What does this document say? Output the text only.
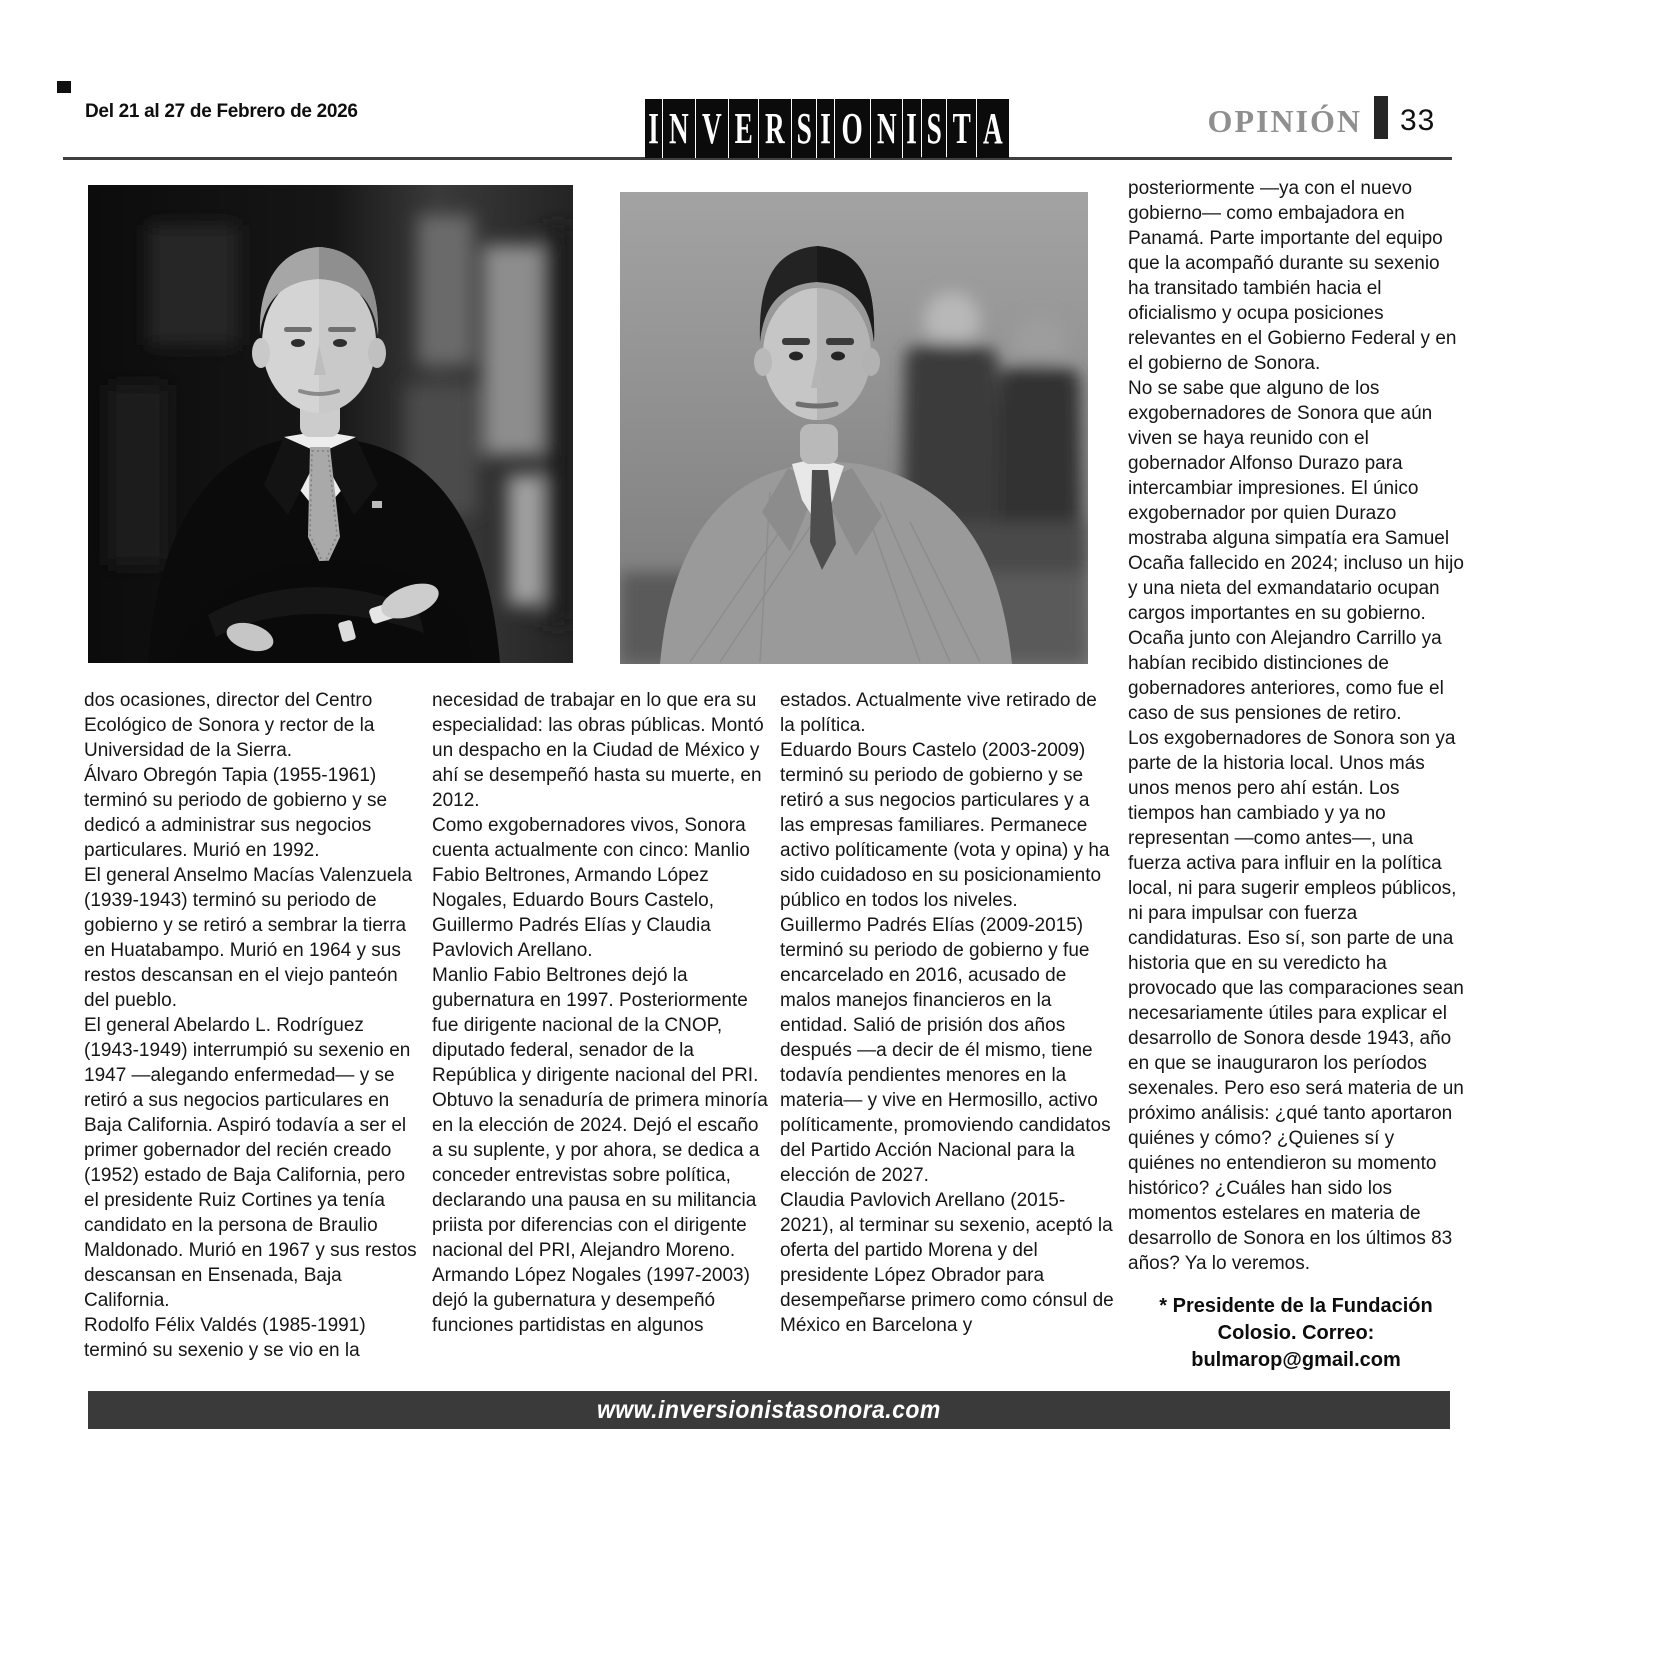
Del 21 al 27 de Febrero de 2026	I N V E R S I O N I S T A	OPINIÓN 33

dos ocasiones, director del Centro Ecológico de Sonora y rector de la Universidad de la Sierra.

Álvaro Obregón Tapia (1955-1961) terminó su periodo de gobierno y se dedicó a administrar sus negocios particulares. Murió en 1992.

El general Anselmo Macías Valenzuela (1939-1943) terminó su periodo de gobierno y se retiró a sembrar la tierra en Huatabampo. Murió en 1964 y sus restos descansan en el viejo panteón del pueblo.

El general Abelardo L. Rodríguez (1943-1949) interrumpió su sexenio en 1947 —alegando enfermedad— y se retiró a sus negocios particulares en Baja California. Aspiró todavía a ser el primer gobernador del recién creado (1952) estado de Baja California, pero el presidente Ruiz Cortines ya tenía candidato en la persona de Braulio Maldonado. Murió en 1967 y sus restos descansan en Ensenada, Baja California.

Rodolfo Félix Valdés (1985-1991) terminó su sexenio y se vio en la

necesidad de trabajar en lo que era su especialidad: las obras públicas. Montó un despacho en la Ciudad de México y ahí se desempeñó hasta su muerte, en 2012.

Como exgobernadores vivos, Sonora cuenta actualmente con cinco: Manlio Fabio Beltrones, Armando López Nogales, Eduardo Bours Castelo, Guillermo Padrés Elías y Claudia Pavlovich Arellano.

Manlio Fabio Beltrones dejó la gubernatura en 1997. Posteriormente fue dirigente nacional de la CNOP, diputado federal, senador de la República y dirigente nacional del PRI. Obtuvo la senaduría de primera minoría en la elección de 2024. Dejó el escaño a su suplente, y por ahora, se dedica a conceder entrevistas sobre política, declarando una pausa en su militancia priista por diferencias con el dirigente nacional del PRI, Alejandro Moreno.

Armando López Nogales (1997-2003) dejó la gubernatura y desempeñó funciones partidistas en algunos

estados. Actualmente vive retirado de la política.

Eduardo Bours Castelo (2003-2009) terminó su periodo de gobierno y se retiró a sus negocios particulares y a las empresas familiares. Permanece activo políticamente (vota y opina) y ha sido cuidadoso en su posicionamiento público en todos los niveles.

Guillermo Padrés Elías (2009-2015) terminó su periodo de gobierno y fue encarcelado en 2016, acusado de malos manejos financieros en la entidad. Salió de prisión dos años después —a decir de él mismo, tiene todavía pendientes menores en la materia— y vive en Hermosillo, activo políticamente, promoviendo candidatos del Partido Acción Nacional para la elección de 2027.

Claudia Pavlovich Arellano (2015-2021), al terminar su sexenio, aceptó la oferta del partido Morena y del presidente López Obrador para desempeñarse primero como cónsul de México en Barcelona y

posteriormente —ya con el nuevo gobierno— como embajadora en Panamá. Parte importante del equipo que la acompañó durante su sexenio ha transitado también hacia el oficialismo y ocupa posiciones relevantes en el Gobierno Federal y en el gobierno de Sonora.

No se sabe que alguno de los exgobernadores de Sonora que aún viven se haya reunido con el gobernador Alfonso Durazo para intercambiar impresiones. El único exgobernador por quien Durazo mostraba alguna simpatía era Samuel Ocaña fallecido en 2024; incluso un hijo y una nieta del exmandatario ocupan cargos importantes en su gobierno. Ocaña junto con Alejandro Carrillo ya habían recibido distinciones de gobernadores anteriores, como fue el caso de sus pensiones de retiro.

Los exgobernadores de Sonora son ya parte de la historia local. Unos más unos menos pero ahí están. Los tiempos han cambiado y ya no representan —como antes—, una fuerza activa para influir en la política local, ni para sugerir empleos públicos, ni para impulsar con fuerza candidaturas. Eso sí, son parte de una historia que en su veredicto ha provocado que las comparaciones sean necesariamente útiles para explicar el desarrollo de Sonora desde 1943, año en que se inauguraron los períodos sexenales. Pero eso será materia de un próximo análisis: ¿qué tanto aportaron quiénes y cómo? ¿Quienes sí y quiénes no entendieron su momento histórico? ¿Cuáles han sido los momentos estelares en materia de desarrollo de Sonora en los últimos 83 años? Ya lo veremos.

* Presidente de la Fundación
Colosio. Correo:
bulmarop@gmail.com
www.inversionistasonora.com
